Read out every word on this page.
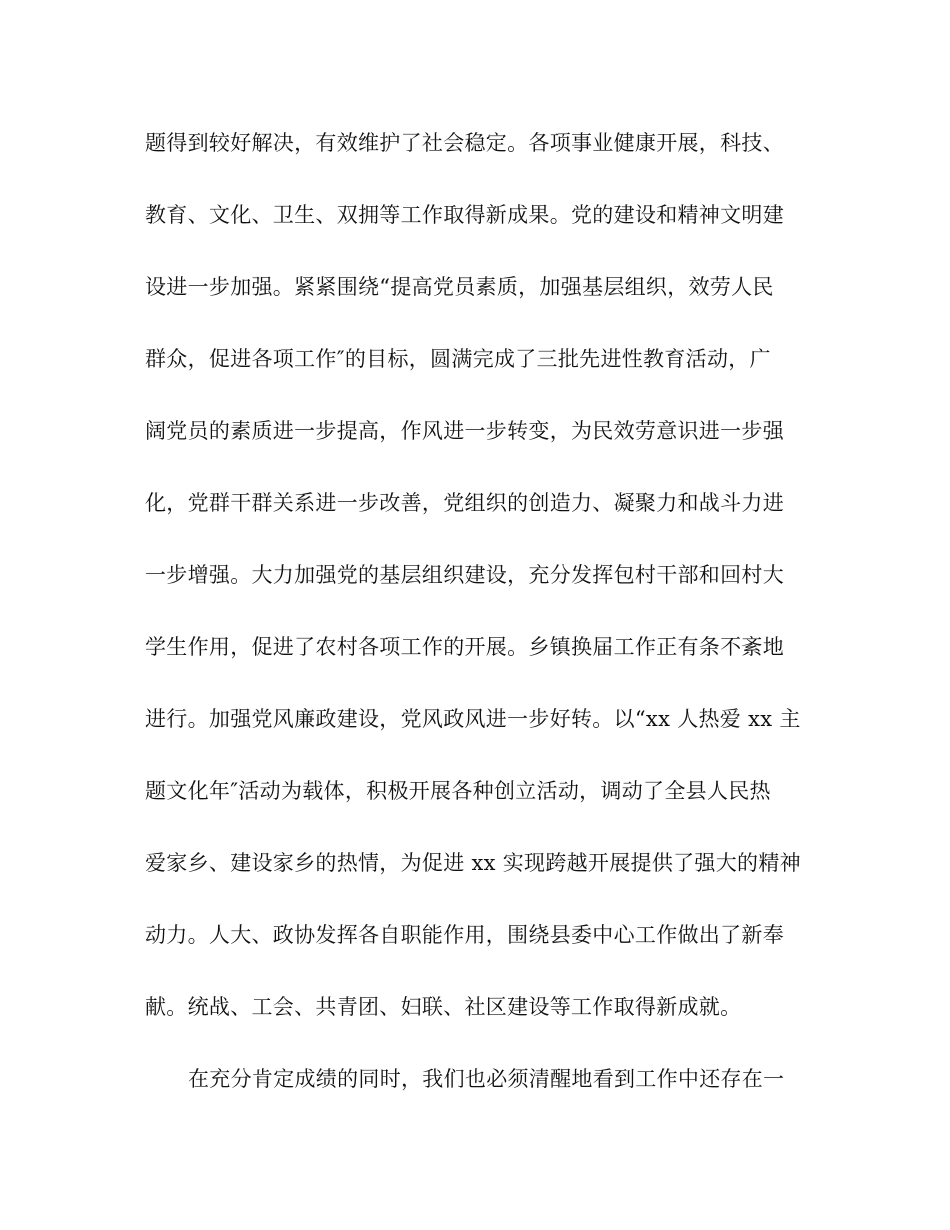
题得到较好解决，有效维护了社会稳定。各项事业健康开展，科技、
教育、文化、卫生、双拥等工作取得新成果。党的建设和精神文明建
设进一步加强。紧紧围绕“提高党员素质，加强基层组织，效劳人民
群众，促进各项工作″的目标，圆满完成了三批先进性教育活动，广
阔党员的素质进一步提高，作风进一步转变，为民效劳意识进一步强
化，党群干群关系进一步改善，党组织的创造力、凝聚力和战斗力进
一步增强。大力加强党的基层组织建设，充分发挥包村干部和回村大
学生作用，促进了农村各项工作的开展。乡镇换届工作正有条不紊地
进行。加强党风廉政建设，党风政风进一步好转。以“xx 人热爱 xx 主
题文化年″活动为载体，积极开展各种创立活动，调动了全县人民热
爱家乡、建设家乡的热情，为促进 xx 实现跨越开展提供了强大的精神
动力。人大、政协发挥各自职能作用，围绕县委中心工作做出了新奉
献。统战、工会、共青团、妇联、社区建设等工作取得新成就。
在充分肯定成绩的同时，我们也必须清醒地看到工作中还存在一
